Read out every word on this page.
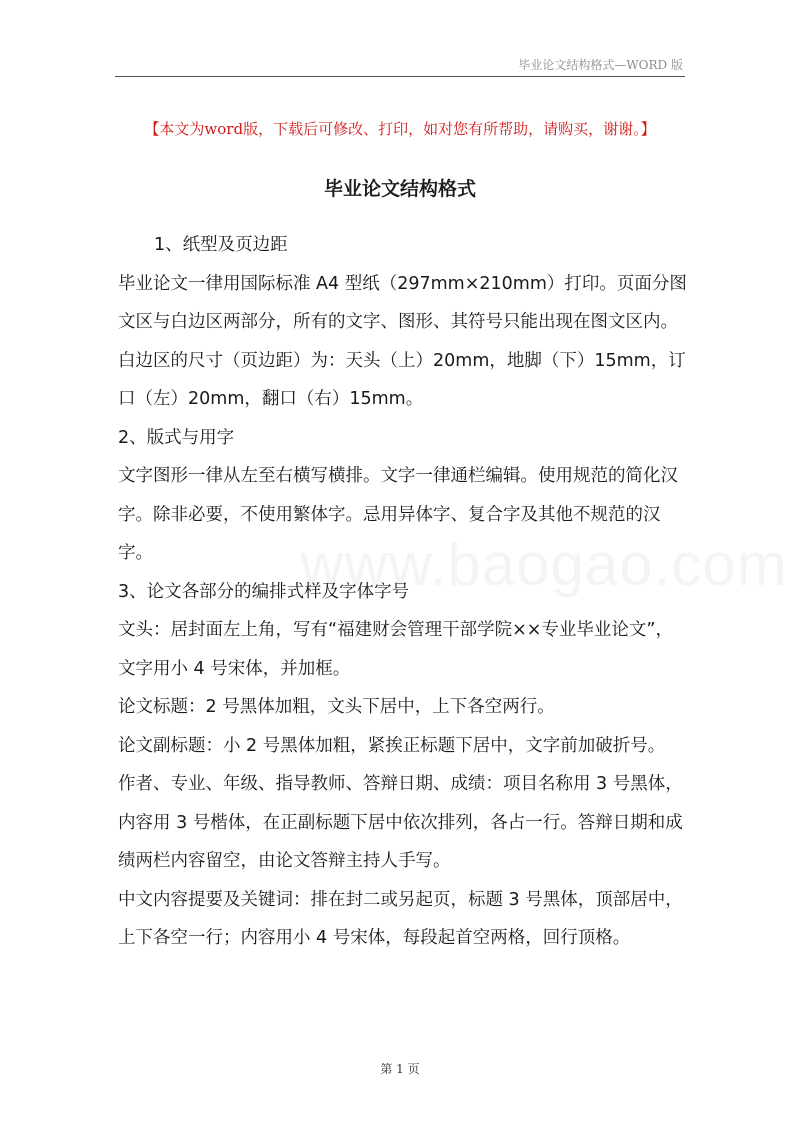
毕业论文结构格式—WORD 版
【本文为word版，下载后可修改、打印，如对您有所帮助，请购买，谢谢。】
毕业论文结构格式

1、纸型及页边距

毕业论文一律用国际标准 A4 型纸（297mm×210mm）打印。页面分图文区与白边区两部分，所有的文字、图形、其符号只能出现在图文区内。白边区的尺寸（页边距）为：天头（上）20mm，地脚（下）15mm，订口（左）20mm，翻口（右）15mm。

2、版式与用字

文字图形一律从左至右横写横排。文字一律通栏编辑。使用规范的简化汉字。除非必要，不使用繁体字。忌用异体字、复合字及其他不规范的汉字。

3、论文各部分的编排式样及字体字号

文头：居封面左上角，写有“福建财会管理干部学院××专业毕业论文”，文字用小 4 号宋体，并加框。

论文标题：2 号黑体加粗，文头下居中，上下各空两行。

论文副标题：小 2 号黑体加粗，紧挨正标题下居中，文字前加破折号。

作者、专业、年级、指导教师、答辩日期、成绩：项目名称用 3 号黑体，内容用 3 号楷体，在正副标题下居中依次排列，各占一行。答辩日期和成绩两栏内容留空，由论文答辩主持人手写。

中文内容提要及关键词：排在封二或另起页，标题 3 号黑体，顶部居中，上下各空一行；内容用小 4 号宋体，每段起首空两格，回行顶格。

第 1 页
